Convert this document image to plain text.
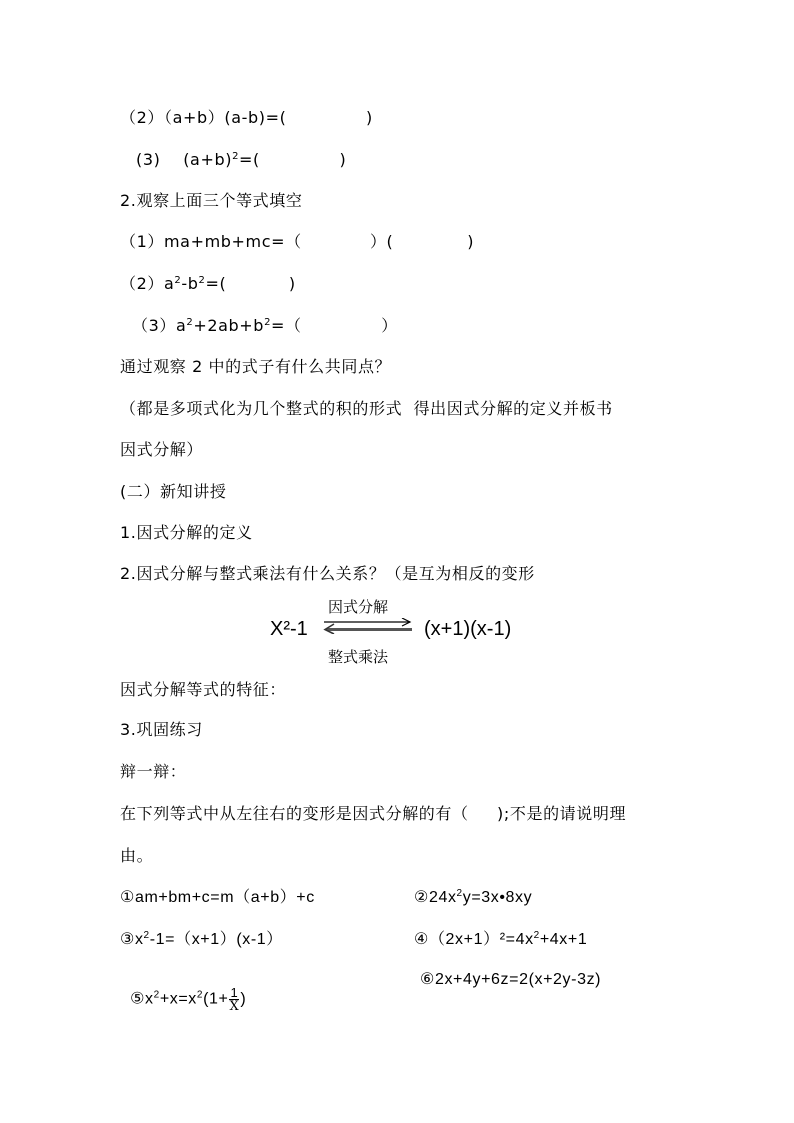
（2）（a+b）(a-b)=(              )
(3)    $(a+b)^2=$(              )
2.观察上面三个等式填空
（1）ma+mb+mc=（            ）(             )
$(2)a^2-b^2=$(           )
$(3)a^2+2ab+b^2=$（              ）
通过观察 2 中的式子有什么共同点？
（都是多项式化为几个整式的积的形式  得出因式分解的定义并板书
因式分解）
(二）新知讲授
1.因式分解的定义
2.因式分解与整式乘法有什么关系？（是互为相反的变形
因式分解
X²-1	(x+1)(x-1)
整式乘法
因式分解等式的特征：
3.巩固练习
辩一辩：
在下列等式中从左往右的变形是因式分解的有（     );不是的请说明理
由。
①am+bm+c=m（a+b）+c	$②24x^2y=3x•8xy$
$③x^2-1=(x+1)(x-1)$	$④(2x+1)^2=4x^2+4x+1$

$⑤x^2+x=x^2(1+ \frac{1}{X}$ )

⑥2x+4y+6z=2(x+2y-3z)
